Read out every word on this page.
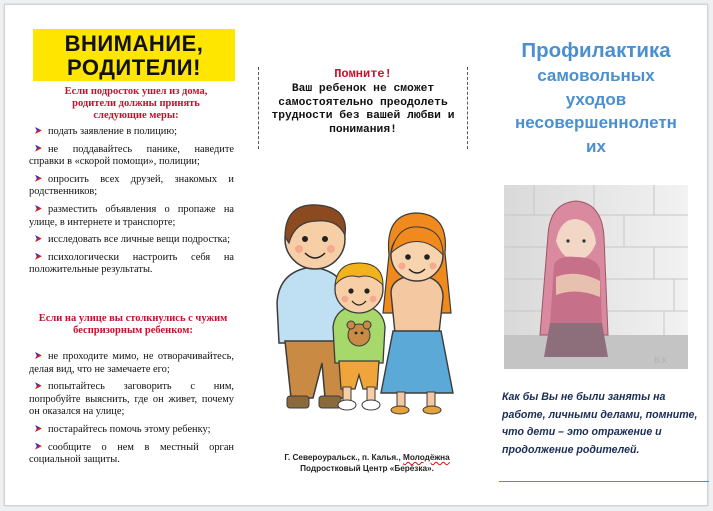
ВНИМАНИЕ,
РОДИТЕЛИ!
Если подросток ушел из дома, родители должны принять следующие меры:
подать заявление в полицию;
не поддавайтесь панике, наведите справки в «скорой помощи», полиции;
опросить всех друзей, знакомых и родственников;
разместить объявления о пропаже на улице, в интернете и транспорте;
исследовать все личные вещи подростка;
психологически настроить себя на положительные результаты.
Если на улице вы столкнулись с чужим беспризорным ребенком:
не проходите мимо, не отворачивайтесь, делая вид, что не замечаете его;
попытайтесь заговорить с ним, попробуйте выяснить, где он живет, почему он оказался на улице;
постарайтесь помочь этому ребенку;
сообщите о нем в местный орган социальной защиты.
Помните!
Ваш ребенок не сможет самостоятельно преодолеть трудности без вашей любви и понимания!
Г. Североуральск., п. Калья., Молодёжна
Подростковый Центр «Берёзка».
Профилактика
самовольных
уходов
несовершеннолетн
их
B.K
Как бы Вы не были заняты на работе, личными делами, помните, что дети – это отражение и продолжение родителей.
